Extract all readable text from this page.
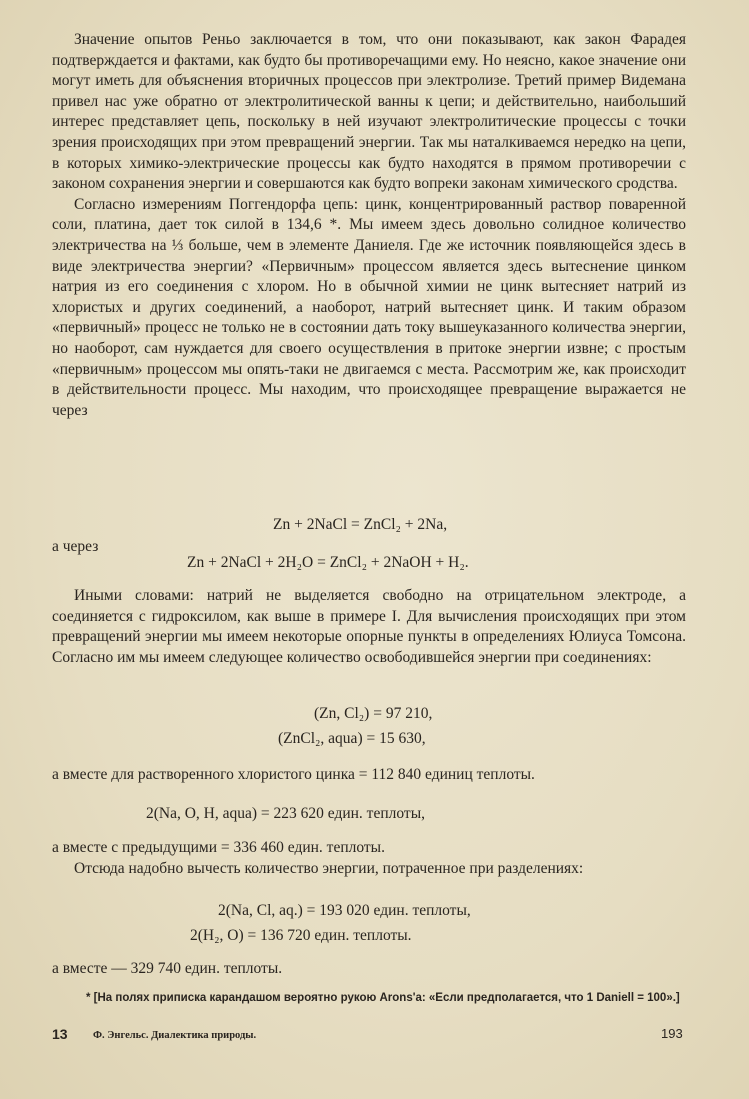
Значение опытов Реньо заключается в том, что они показывают, как закон Фарадея подтверждается и фактами, как будто бы противоречащими ему. Но неясно, какое значение они могут иметь для объяснения вторичных процессов при электролизе. Третий пример Видемана привел нас уже обратно от электролитической ванны к цепи; и действительно, наибольший интерес представляет цепь, поскольку в ней изучают электролитические процессы с точки зрения происходящих при этом превращений энергии. Так мы наталкиваемся нередко на цепи, в которых химико-электрические процессы как будто находятся в прямом противоречии с законом сохранения энергии и совершаются как будто вопреки законам химического сродства.

Согласно измерениям Поггендорфа цепь: цинк, концентрированный раствор поваренной соли, платина, дает ток силой в 134,6 *. Мы имеем здесь довольно солидное количество электричества на ⅓ больше, чем в элементе Даниеля. Где же источник появляющейся здесь в виде электричества энергии? «Первичным» процессом является здесь вытеснение цинком натрия из его соединения с хлором. Но в обычной химии не цинк вытесняет натрий из хлористых и других соединений, а наоборот, натрий вытесняет цинк. И таким образом «первичный» процесс не только не в состоянии дать току вышеуказанного количества энергии, но наоборот, сам нуждается для своего осуществления в притоке энергии извне; с простым «первичным» процессом мы опять-таки не двигаемся с места. Рассмотрим же, как происходит в действительности процесс. Мы находим, что происходящее превращение выражается не через

Zn + 2NaCl = ZnCl₂ + 2Na,
а через
Zn + 2NaCl + 2H₂O = ZnCl₂ + 2NaOH + H₂.

Иными словами: натрий не выделяется свободно на отрицательном электроде, а соединяется с гидроксилом, как выше в примере I. Для вычисления происходящих при этом превращений энергии мы имеем некоторые опорные пункты в определениях Юлиуса Томсона. Согласно им мы имеем следующее количество освободившейся энергии при соединениях:

(Zn, Cl₂) = 97 210,
(ZnCl₂, aqua) = 15 630,

а вместе для растворенного хлористого цинка = 112 840 единиц теплоты.

2(Na, O, H, aqua) = 223 620 един. теплоты,

а вместе с предыдущими = 336 460 един. теплоты.

Отсюда надобно вычесть количество энергии, потраченное при разделениях:

2(Na, Cl, aq.) = 193 020 един. теплоты,
2(H₂, O) = 136 720 един. теплоты.

а вместе — 329 740 един. теплоты.

* [На полях приписка карандашом вероятно рукою Arons'a: «Если предполагается, что 1 Daniell = 100».]
13 Ф. Энгельс. Диалектика природы.	193
